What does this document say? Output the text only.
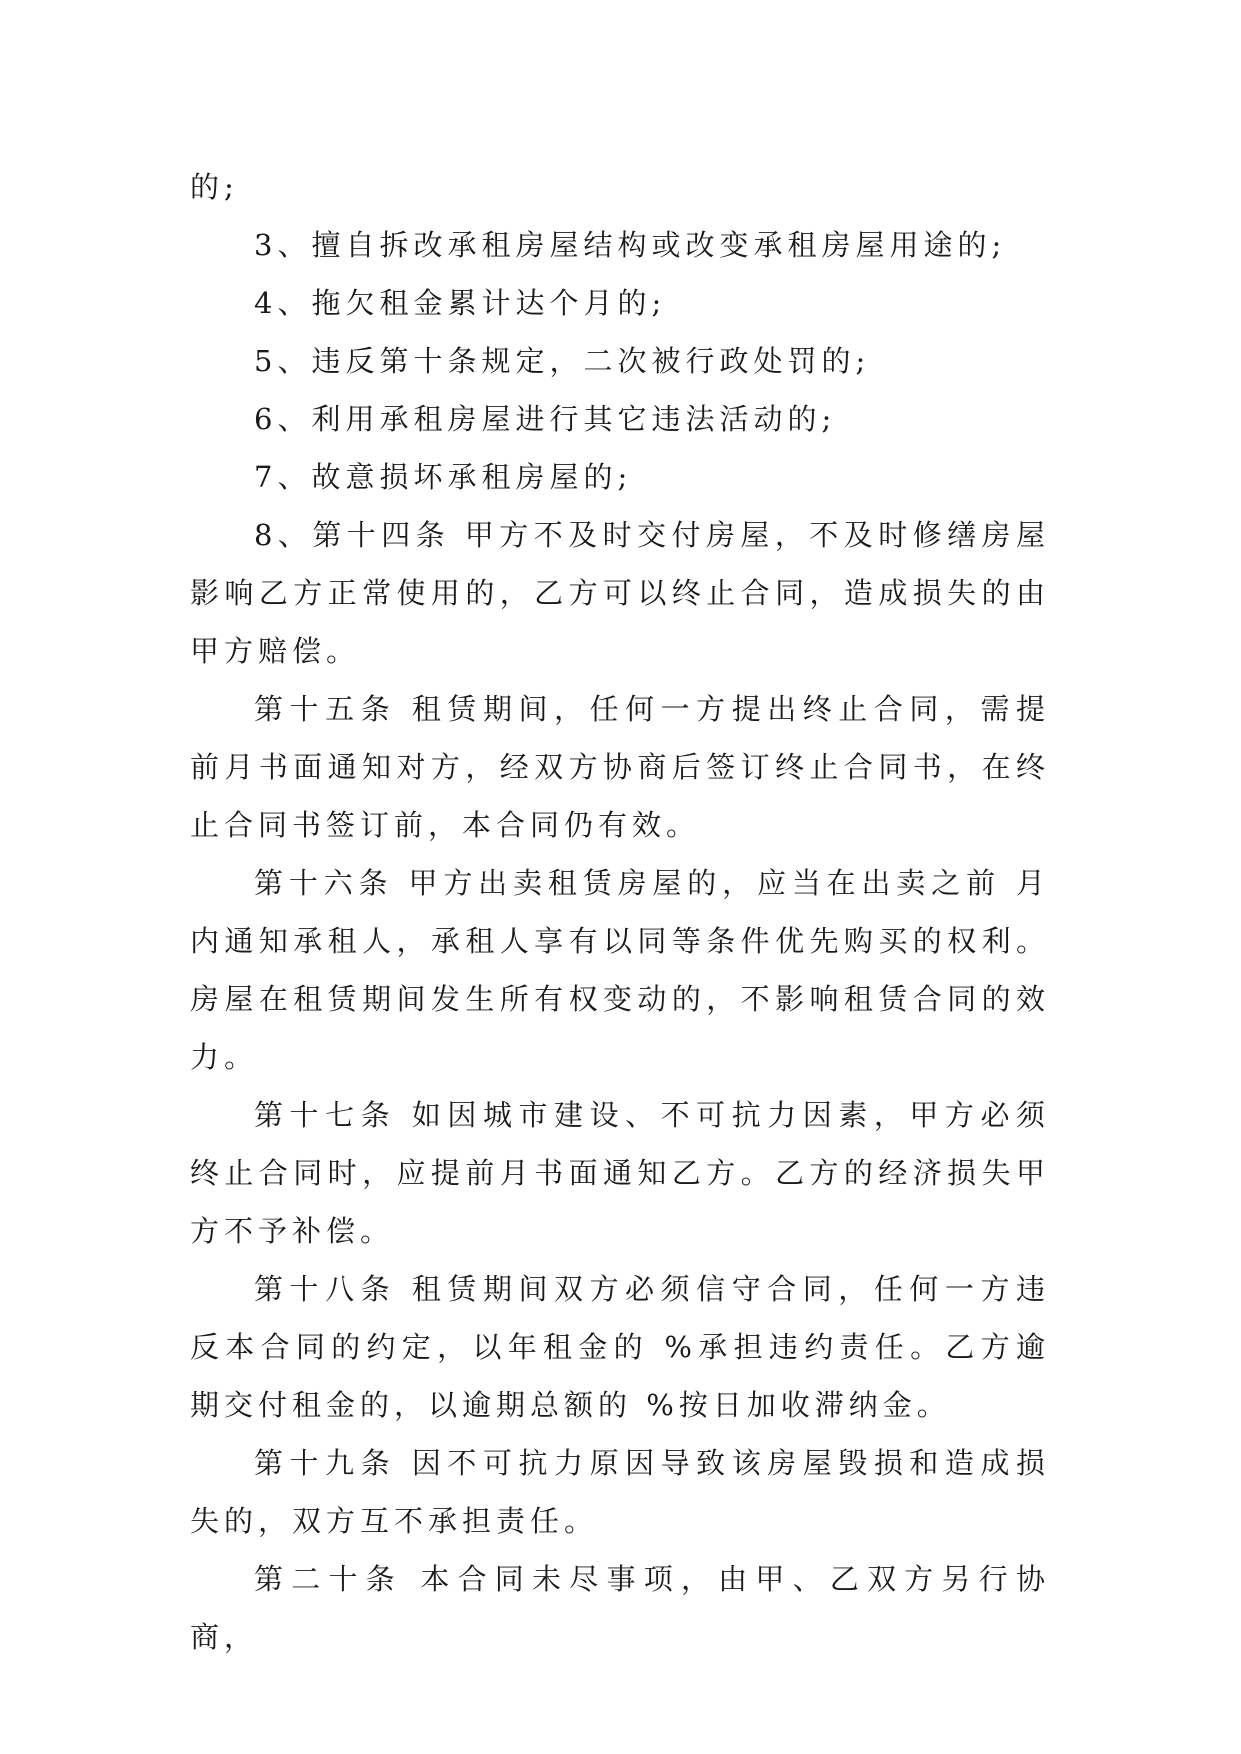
的;

3、擅自拆改承租房屋结构或改变承租房屋用途的;

4、拖欠租金累计达个月的;

5、违反第十条规定，二次被行政处罚的;

6、利用承租房屋进行其它违法活动的;

7、故意损坏承租房屋的;

8、第十四条 甲方不及时交付房屋，不及时修缮房屋影响乙方正常使用的，乙方可以终止合同，造成损失的由甲方赔偿。

第十五条 租赁期间，任何一方提出终止合同，需提前月书面通知对方，经双方协商后签订终止合同书，在终止合同书签订前，本合同仍有效。

第十六条 甲方出卖租赁房屋的，应当在出卖之前 月内通知承租人，承租人享有以同等条件优先购买的权利。房屋在租赁期间发生所有权变动的，不影响租赁合同的效力。

第十七条 如因城市建设、不可抗力因素，甲方必须终止合同时，应提前月书面通知乙方。乙方的经济损失甲方不予补偿。

第十八条 租赁期间双方必须信守合同，任何一方违反本合同的约定，以年租金的 %承担违约责任。乙方逾期交付租金的，以逾期总额的 %按日加收滞纳金。

第十九条 因不可抗力原因导致该房屋毁损和造成损失的，双方互不承担责任。

第二十条 本合同未尽事项，由甲、乙双方另行协商，
